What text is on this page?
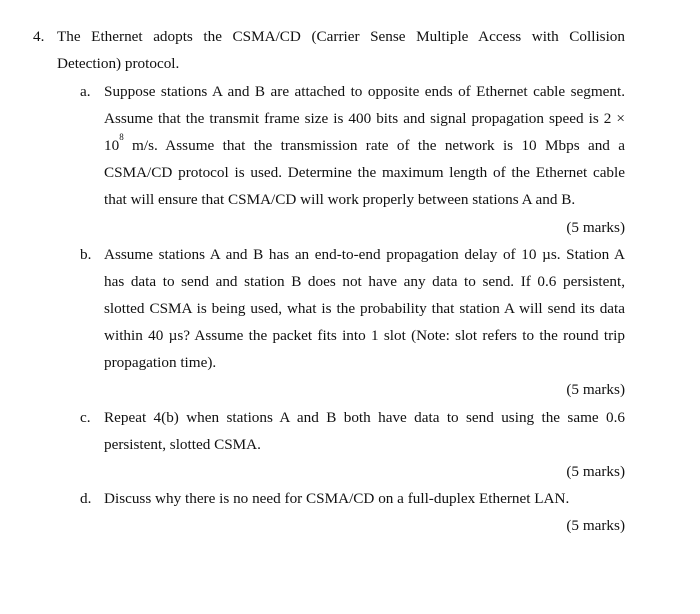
4. The Ethernet adopts the CSMA/CD (Carrier Sense Multiple Access with Collision
Detection) protocol.
a. Suppose stations A and B are attached to opposite ends of Ethernet cable segment.
Assume that the transmit frame size is 400 bits and signal propagation speed is 2 ×
10 8 m/s. Assume that the transmission rate of the network is 10 Mbps and a
CSMA/CD protocol is used. Determine the maximum length of the Ethernet cable
that will ensure that CSMA/CD will work properly between stations A and B.
(5 marks)
b. Assume stations A and B has an end-to-end propagation delay of 10 µs. Station A
has data to send and station B does not have any data to send. If 0.6 persistent,
slotted CSMA is being used, what is the probability that station A will send its data
within 40 µs? Assume the packet fits into 1 slot (Note: slot refers to the round trip
propagation time).
(5 marks)
c. Repeat 4(b) when stations A and B both have data to send using the same 0.6
persistent, slotted CSMA.
(5 marks)
d. Discuss why there is no need for CSMA/CD on a full-duplex Ethernet LAN.
(5 marks)
